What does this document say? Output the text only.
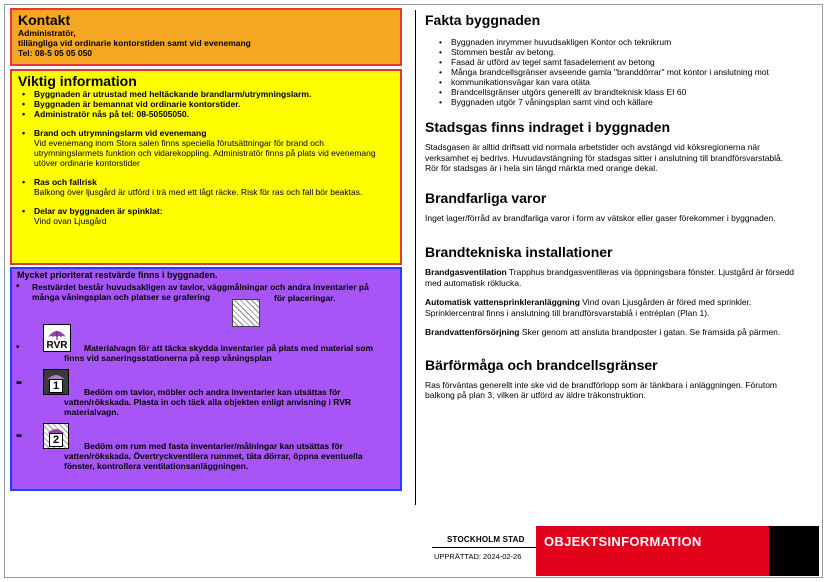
Kontakt
Administratör,
tillängliga vid ordinarie kontorstiden samt vid evenemang
Tel: 08-5 05 05 050
Viktig information
• Byggnaden är utrustad med heltäckande brandlarm/utrymningslarm.
• Byggnaden är bemannat vid ordinarie kontorstider.
• Administratör nås på tel: 08-50505050.
• Brand och utrymningslarm vid evenemang
Vid evenemang inom Stora salen finns speciella förutsättningar för brand och utrymningslarmets funktion och vidarekoppling. Administratör finns på plats vid evenemang utöver ordinarie kontorstider
• Ras och fallrisk
Balkong över ljusgård är utförd i trä med ett lågt räcke. Risk för ras och fall bör beaktas.
• Delar av byggnaden är spinklat:
Vind ovan Ljusgård
Mycket prioriterat restvärde finns i byggnaden.
• Restvärdet består huvudsakligen av tavlor, väggmålningar och andra inventarier på
många våningsplan och platser se grafering	för placeringar.
•	RVR	Materialvagn för att täcka skydda inventarier på plats med material som
finns vid saneringsstationerna på resp våningsplan
••	1	Bedöm om tavlor, möbler och andra inventarier kan utsättas för
vatten/rökskada. Plasta in och täck alla objekten enligt anvisning i RVR
materialvagn.
••	2	Bedöm om rum med fasta inventarier/målningar kan utsättas för
vatten/rökskada. Övertryckventilera rummet, täta dörrar, öppna eventuella
fönster, kontrollera ventilationsanläggningen.
Fakta byggnaden
• Byggnaden inrymmer huvudsakligen Kontor och teknikrum
• Stommen består av betong.
• Fasad är utförd av tegel samt fasadelement av betong
• Många brandcellsgränser avseende gamla "branddörrar" mot kontor i anslutning mot
• kommunikationsvägar kan vara otäta
• Brandcellsgränser utgörs generellt av brandteknisk klass EI 60
• Byggnaden utgör 7 våningsplan samt vind och källare
Stadsgas finns indraget i byggnaden
Stadsgasen är alltid driftsatt vid normala arbetstider och avstängd vid köksregionerna när
verksamhet ej bedrivs. Huvudavstängning för stadsgas sitter i anslutning till brandförsvarstablå.
Rör för stadsgas är i hela sin längd märkta med orange dekal.
Brandfarliga varor
Inget lager/förråd av brandfarliga varor i form av vätskor eller gaser förekommer i byggnaden.
Brandtekniska installationer
Brandgasventilation Trapphus brandgasventileras via öppningsbara fönster. Ljustgård är försedd
med automatisk röklucka.
Automatisk vattensprinkleranläggning Vind ovan Ljusgården är föred med sprinkler.
Sprinklercentral finns i anslutning till brandförsvarstablå i entréplan (Plan 1).
Brandvattenförsörjning Sker genom att ansluta brandposter i gatan. Se framsida på pärmen.
Bärförmåga och brandcellsgränser
Ras förväntas generellt inte ske vid de brandförlopp som är tänkbara i anläggningen. Förutom
balkong på plan 3, vilken är utförd av äldre träkonstruktion.
STOCKHOLM STAD
UPPRÄTTAD: 2024-02-26
OBJEKTSINFORMATION
